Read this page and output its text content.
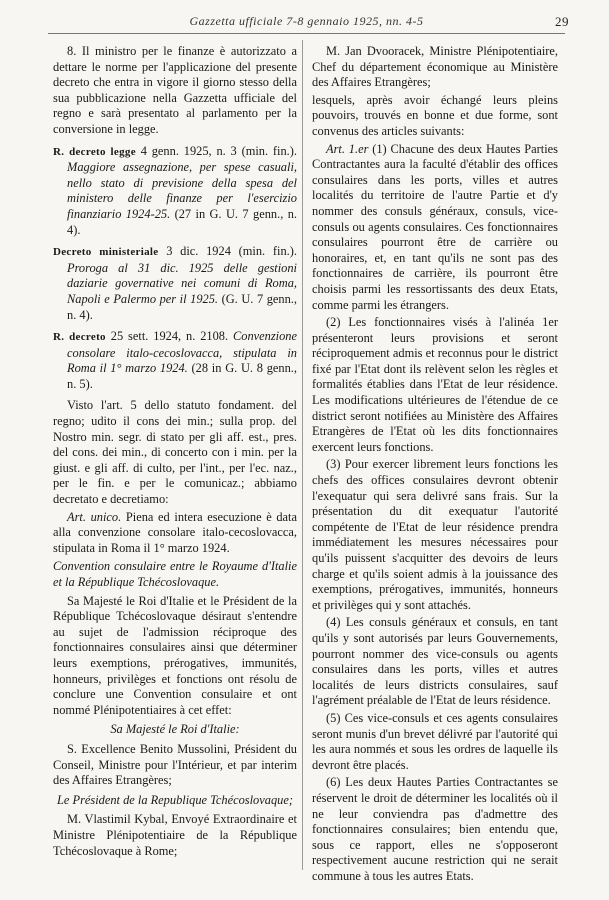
Gazzetta ufficiale 7-8 gennaio 1925, nn. 4-5	29

8. Il ministro per le finanze è autorizzato a dettare le norme per l'applicazione del presente decreto che entra in vigore il giorno stesso della sua pubblicazione nella Gazzetta ufficiale del regno e sarà presentato al parlamento per la conversione in legge.

R. decreto legge 4 genn. 1925, n. 3 (min. fin.). Maggiore assegnazione, per spese casuali, nello stato di previsione della spesa del ministero delle finanze per l'esercizio finanziario 1924-25. (27 in G. U. 7 genn., n. 4).

Decreto ministeriale 3 dic. 1924 (min. fin.). Proroga al 31 dic. 1925 delle gestioni daziarie governative nei comuni di Roma, Napoli e Palermo per il 1925. (G. U. 7 genn., n. 4).

R. decreto 25 sett. 1924, n. 2108. Convenzione consolare italo-cecoslovacca, stipulata in Roma il 1° marzo 1924. (28 in G. U. 8 genn., n. 5).

Visto l'art. 5 dello statuto fondament. del regno; udito il cons dei min.; sulla prop. del Nostro min. segr. di stato per gli aff. est., pres. del cons. dei min., di concerto con i min. per la giust. e gli aff. di culto, per l'int., per l'ec. naz., per le fin. e per le comunicaz.; abbiamo decretato e decretiamo:

Art. unico. Piena ed intera esecuzione è data alla convenzione consolare italo-cecoslovacca, stipulata in Roma il 1° marzo 1924.

Convention consulaire entre le Royaume d'Italie et la République Tchécoslovaque.

Sa Majesté le Roi d'Italie et le Président de la République Tchécoslovaque désiraut s'entendre au sujet de l'admission réciproque des fonctionnaires consulaires ainsi que déterminer leurs exemptions, prérogatives, immunités, honneurs, privilèges et fonctions ont résolu de conclure une Convention consulaire et ont nommé Plénipotentiaires à cet effet:

Sa Majesté le Roi d'Italie:

S. Excellence Benito Mussolini, Président du Conseil, Ministre pour l'Intérieur, et par interim des Affaires Etrangères;

Le Président de la Republique Tchécoslovaque;

M. Vlastimil Kybal, Envoyé Extraordinaire et Ministre Plénipotentiaire de la République Tchécoslovaque à Rome;

M. Jan Dvooracek, Ministre Plénipotentiaire, Chef du département économique au Ministère des Affaires Etrangères;

lesquels, après avoir échangé leurs pleins pouvoirs, trouvés en bonne et due forme, sont convenus des articles suivants:

Art. 1.er (1) Chacune des deux Hautes Parties Contractantes aura la faculté d'établir des offices consulaires dans les ports, villes et autres localités du territoire de l'autre Partie et d'y nommer des consuls généraux, consuls, vice-consuls ou agents consulaires. Ces fonctionnaires consulaires pourront être de carrière ou honoraires, et, en tant qu'ils ne sont pas des fonctionnaires de carrière, ils pourront être choisis parmi les ressortissants des deux Etats, comme parmi les étrangers.

(2) Les fonctionnaires visés à l'alinéa 1er présenteront leurs provisions et seront réciproquement admis et reconnus pour le district fixé par l'Etat dont ils relèvent selon les règles et formalités établies dans l'Etat de leur résidence. Les modifications ultérieures de l'étendue de ce district seront notifiées au Ministère des Affaires Etrangères de l'Etat où les dits fonctionnaires exercent leurs fonctions.

(3) Pour exercer librement leurs fonctions les chefs des offices consulaires devront obtenir l'exequatur qui sera delivré sans frais. Sur la présentation du dit exequatur l'autorité compétente de l'Etat de leur résidence prendra immédiatement les mesures nécessaires pour qu'ils puissent s'acquitter des devoirs de leurs charge et qu'ils soient admis à la jouissance des exemptions, prérogatives, immunités, honneurs et privilèges qui y sont attachés.

(4) Les consuls généraux et consuls, en tant qu'ils y sont autorisés par leurs Gouvernements, pourront nommer des vice-consuls ou agents consulaires dans les ports, villes et autres localités de leurs districts consulaires, sauf l'agrément préalable de l'Etat de leurs résidence.

(5) Ces vice-consuls et ces agents consulaires seront munis d'un brevet délivré par l'autorité qui les aura nommés et sous les ordres de laquelle ils devront être placés.

(6) Les deux Hautes Parties Contractantes se réservent le droit de déterminer les localités où il ne leur conviendra pas d'admettre des fonctionnaires consulaires; bien entendu que, sous ce rapport, elles ne s'opposeront respectivement aucune restriction qui ne serait commune à tous les autres Etats.
